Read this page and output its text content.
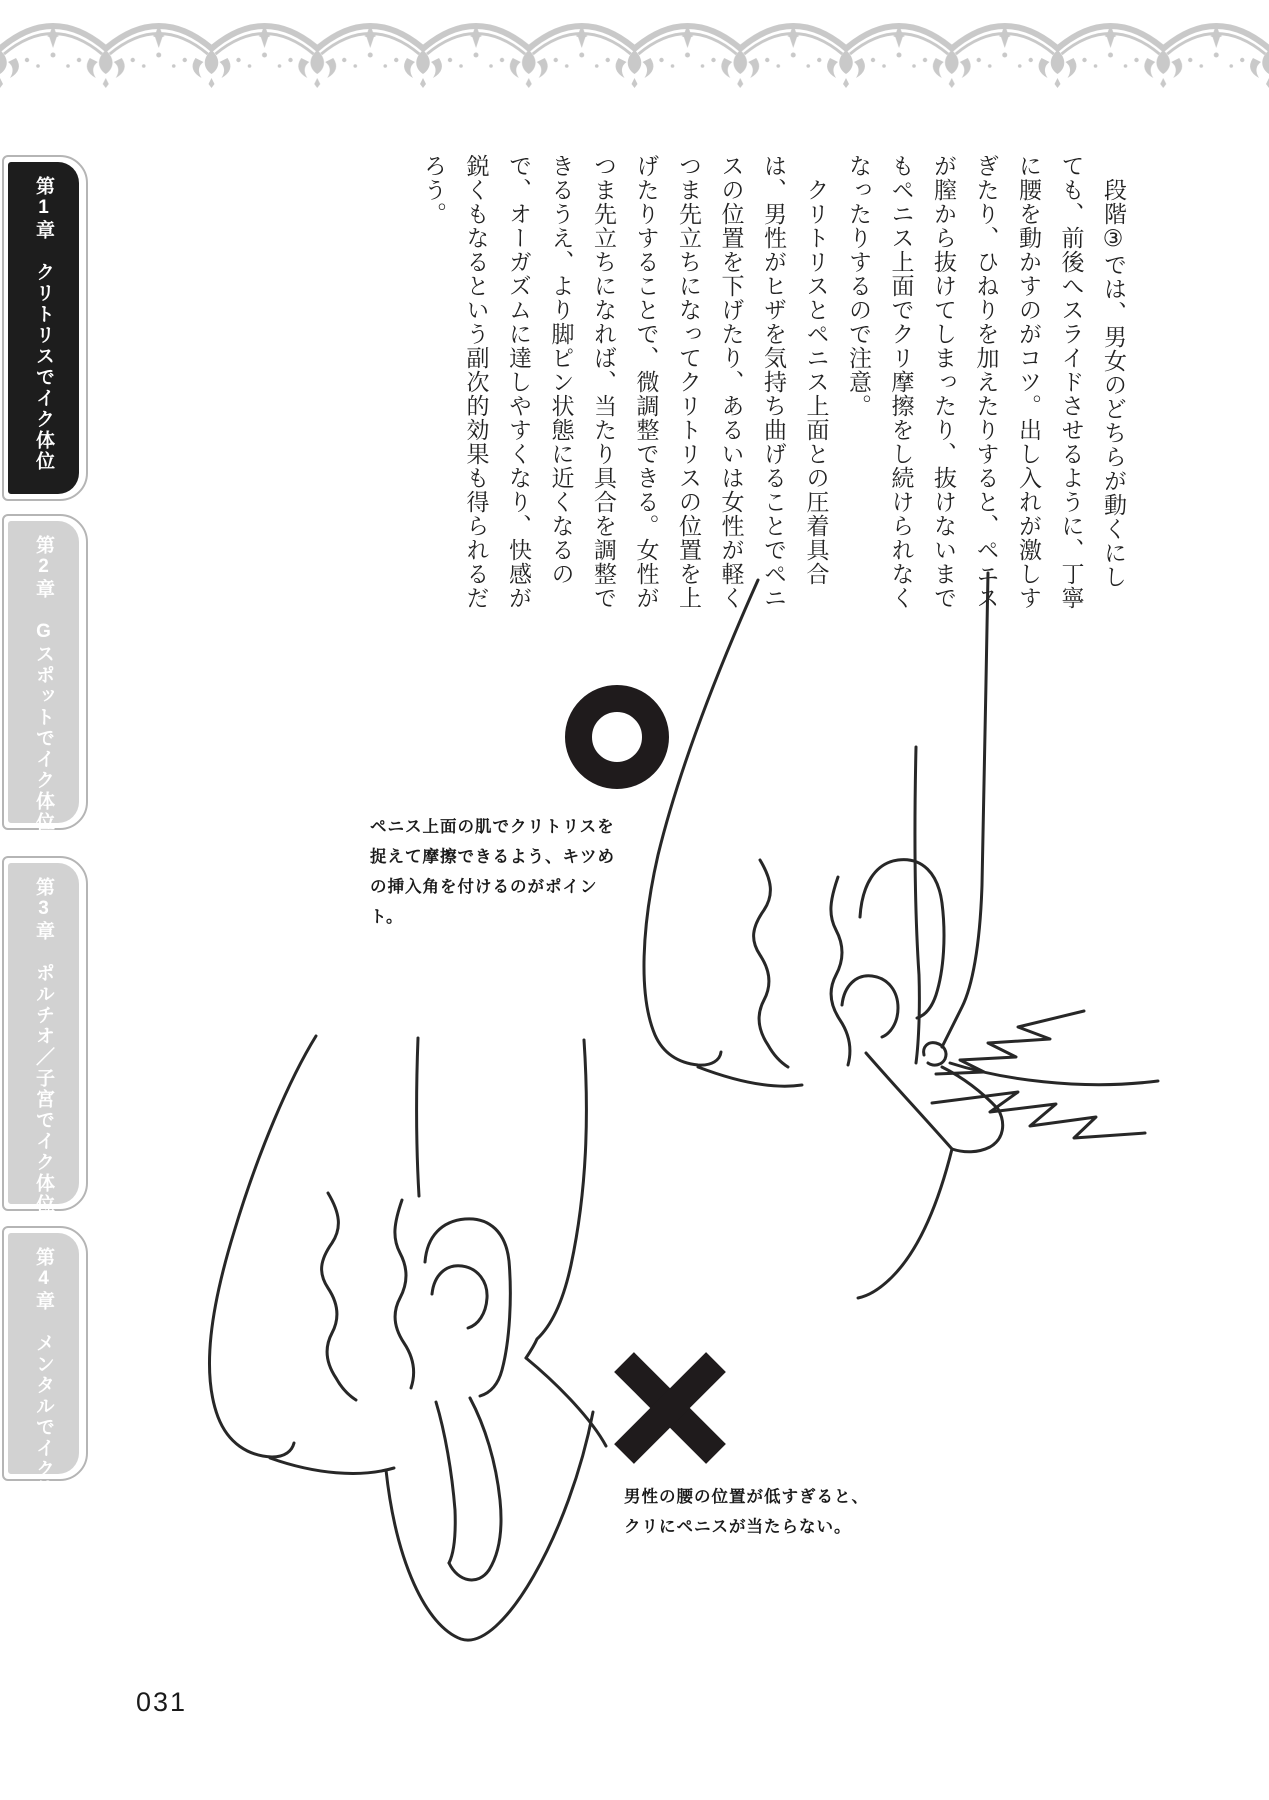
第1章　クリトリスでイク体位
第2章　Gスポットでイク体位
第3章　ポルチオ／子宮でイク体位
第4章　メンタルでイク体位

段階③では、男女のどちらが動くにしても、前後へスライドさせるように、丁寧に腰を動かすのがコツ。出し入れが激しすぎたり、ひねりを加えたりすると、ペニスが膣から抜けてしまったり、抜けないまでもペニス上面でクリ摩擦をし続けられなくなったりするので注意。

クリトリスとペニス上面との圧着具合は、男性がヒザを気持ち曲げることでペニスの位置を下げたり、あるいは女性が軽くつま先立ちになってクリトリスの位置を上げたりすることで、微調整できる。女性がつま先立ちになれば、当たり具合を調整できるうえ、より脚ピン状態に近くなるので、オーガズムに達しやすくなり、快感が鋭くもなるという副次的効果も得られるだろう。

ペニス上面の肌でクリトリスを捉えて摩擦できるよう、キツめの挿入角を付けるのがポイント。
男性の腰の位置が低すぎると、クリにペニスが当たらない。
031
